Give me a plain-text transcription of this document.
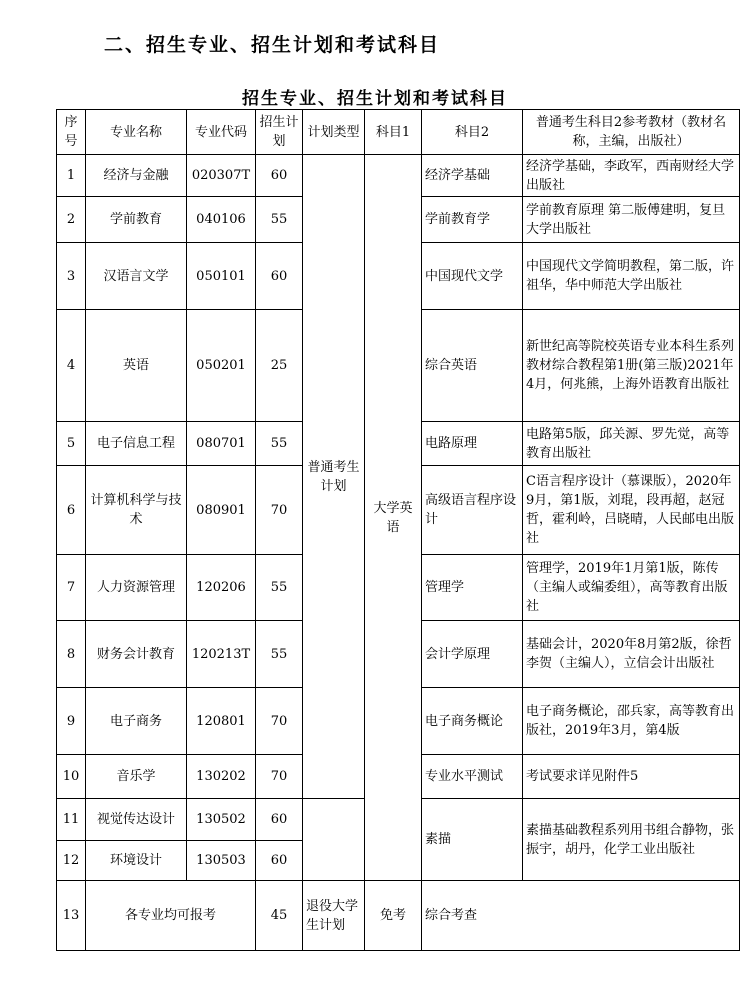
二、招生专业、招生计划和考试科目
招生专业、招生计划和考试科目
序号	专业名称	专业代码	招生计划	计划类型	科目1	科目2	普通考生科目2参考教材（教材名称，主编，出版社）
1	经济与金融	020307T	60	普通考生计划	大学英语	经济学基础	经济学基础，李政军，西南财经大学出版社
2	学前教育	040106	55			学前教育学	学前教育原理 第二版傅建明，复旦大学出版社
3	汉语言文学	050101	60			中国现代文学	中国现代文学简明教程，第二版，许祖华，华中师范大学出版社
4	英语	050201	25			综合英语	新世纪高等院校英语专业本科生系列教材综合教程第1册(第三版)2021年4月，何兆熊，上海外语教育出版社
5	电子信息工程	080701	55			电路原理	电路第5版，邱关源、罗先觉，高等教育出版社
6	计算机科学与技术	080901	70			高级语言程序设计	C语言程序设计（慕课版），2020年9月，第1版，刘琨，段再超，赵冠哲，霍利岭，吕晓晴，人民邮电出版社
7	人力资源管理	120206	55			管理学	管理学，2019年1月第1版，陈传（主编人或编委组），高等教育出版社
8	财务会计教育	120213T	55			会计学原理	基础会计，2020年8月第2版，徐哲 李贺（主编人），立信会计出版社
9	电子商务	120801	70			电子商务概论	电子商务概论，邵兵家，高等教育出版社，2019年3月，第4版
10	音乐学	130202	70			专业水平测试	考试要求详见附件5
11	视觉传达设计	130502	60			素描	素描基础教程系列用书组合静物，张振宇，胡丹，化学工业出版社
12	环境设计	130503	60				
13	各专业均可报考		45	退役大学生计划	免考	综合考查	
